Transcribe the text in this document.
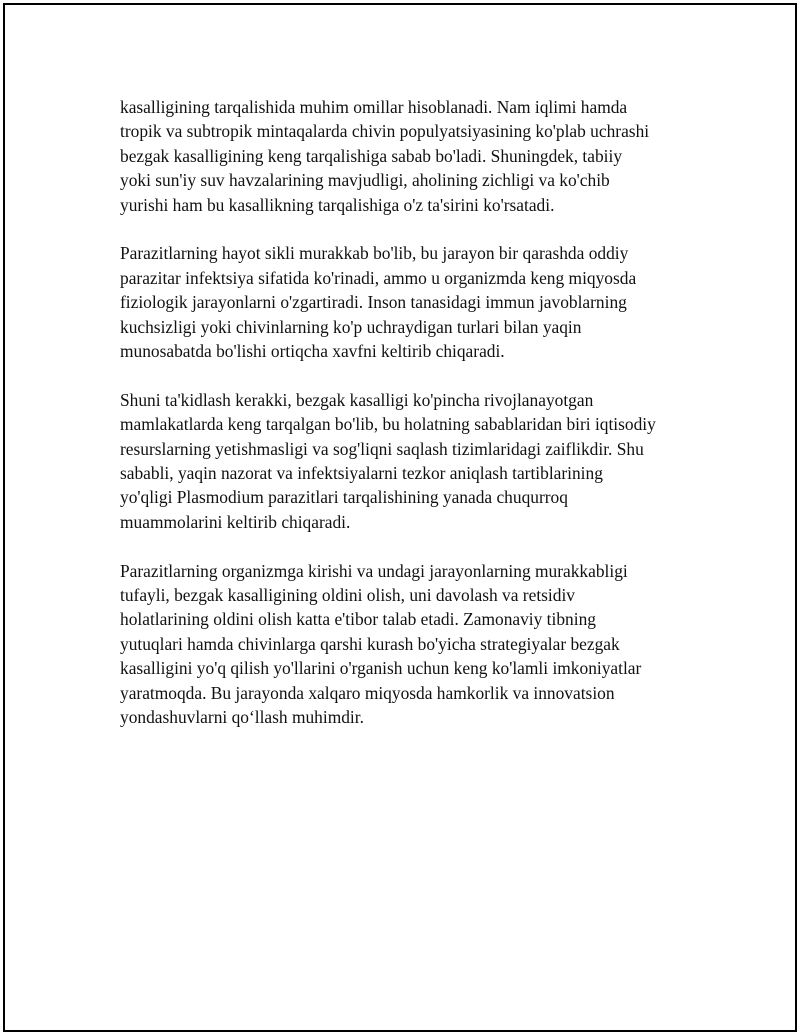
kasalligining tarqalishida muhim omillar hisoblanadi. Nam iqlimi hamda
tropik va subtropik mintaqalarda chivin populyatsiyasining ko'plab uchrashi
bezgak kasalligining keng tarqalishiga sabab bo'ladi. Shuningdek, tabiiy
yoki sun'iy suv havzalarining mavjudligi, aholining zichligi va ko'chib
yurishi ham bu kasallikning tarqalishiga o'z ta'sirini ko'rsatadi.

Parazitlarning hayot sikli murakkab bo'lib, bu jarayon bir qarashda oddiy
parazitar infektsiya sifatida ko'rinadi, ammo u organizmda keng miqyosda
fiziologik jarayonlarni o'zgartiradi. Inson tanasidagi immun javoblarning
kuchsizligi yoki chivinlarning ko'p uchraydigan turlari bilan yaqin
munosabatda bo'lishi ortiqcha xavfni keltirib chiqaradi.

Shuni ta'kidlash kerakki, bezgak kasalligi ko'pincha rivojlanayotgan
mamlakatlarda keng tarqalgan bo'lib, bu holatning sabablaridan biri iqtisodiy
resurslarning yetishmasligi va sog'liqni saqlash tizimlaridagi zaiflikdir. Shu
sababli, yaqin nazorat va infektsiyalarni tezkor aniqlash tartiblarining
yo'qligi Plasmodium parazitlari tarqalishining yanada chuqurroq
muammolarini keltirib chiqaradi.

Parazitlarning organizmga kirishi va undagi jarayonlarning murakkabligi
tufayli, bezgak kasalligining oldini olish, uni davolash va retsidiv
holatlarining oldini olish katta e'tibor talab etadi. Zamonaviy tibning
yutuqlari hamda chivinlarga qarshi kurash bo'yicha strategiyalar bezgak
kasalligini yo'q qilish yo'llarini o'rganish uchun keng ko'lamli imkoniyatlar
yaratmoqda. Bu jarayonda xalqaro miqyosda hamkorlik va innovatsion
yondashuvlarni qo‘llash muhimdir.
